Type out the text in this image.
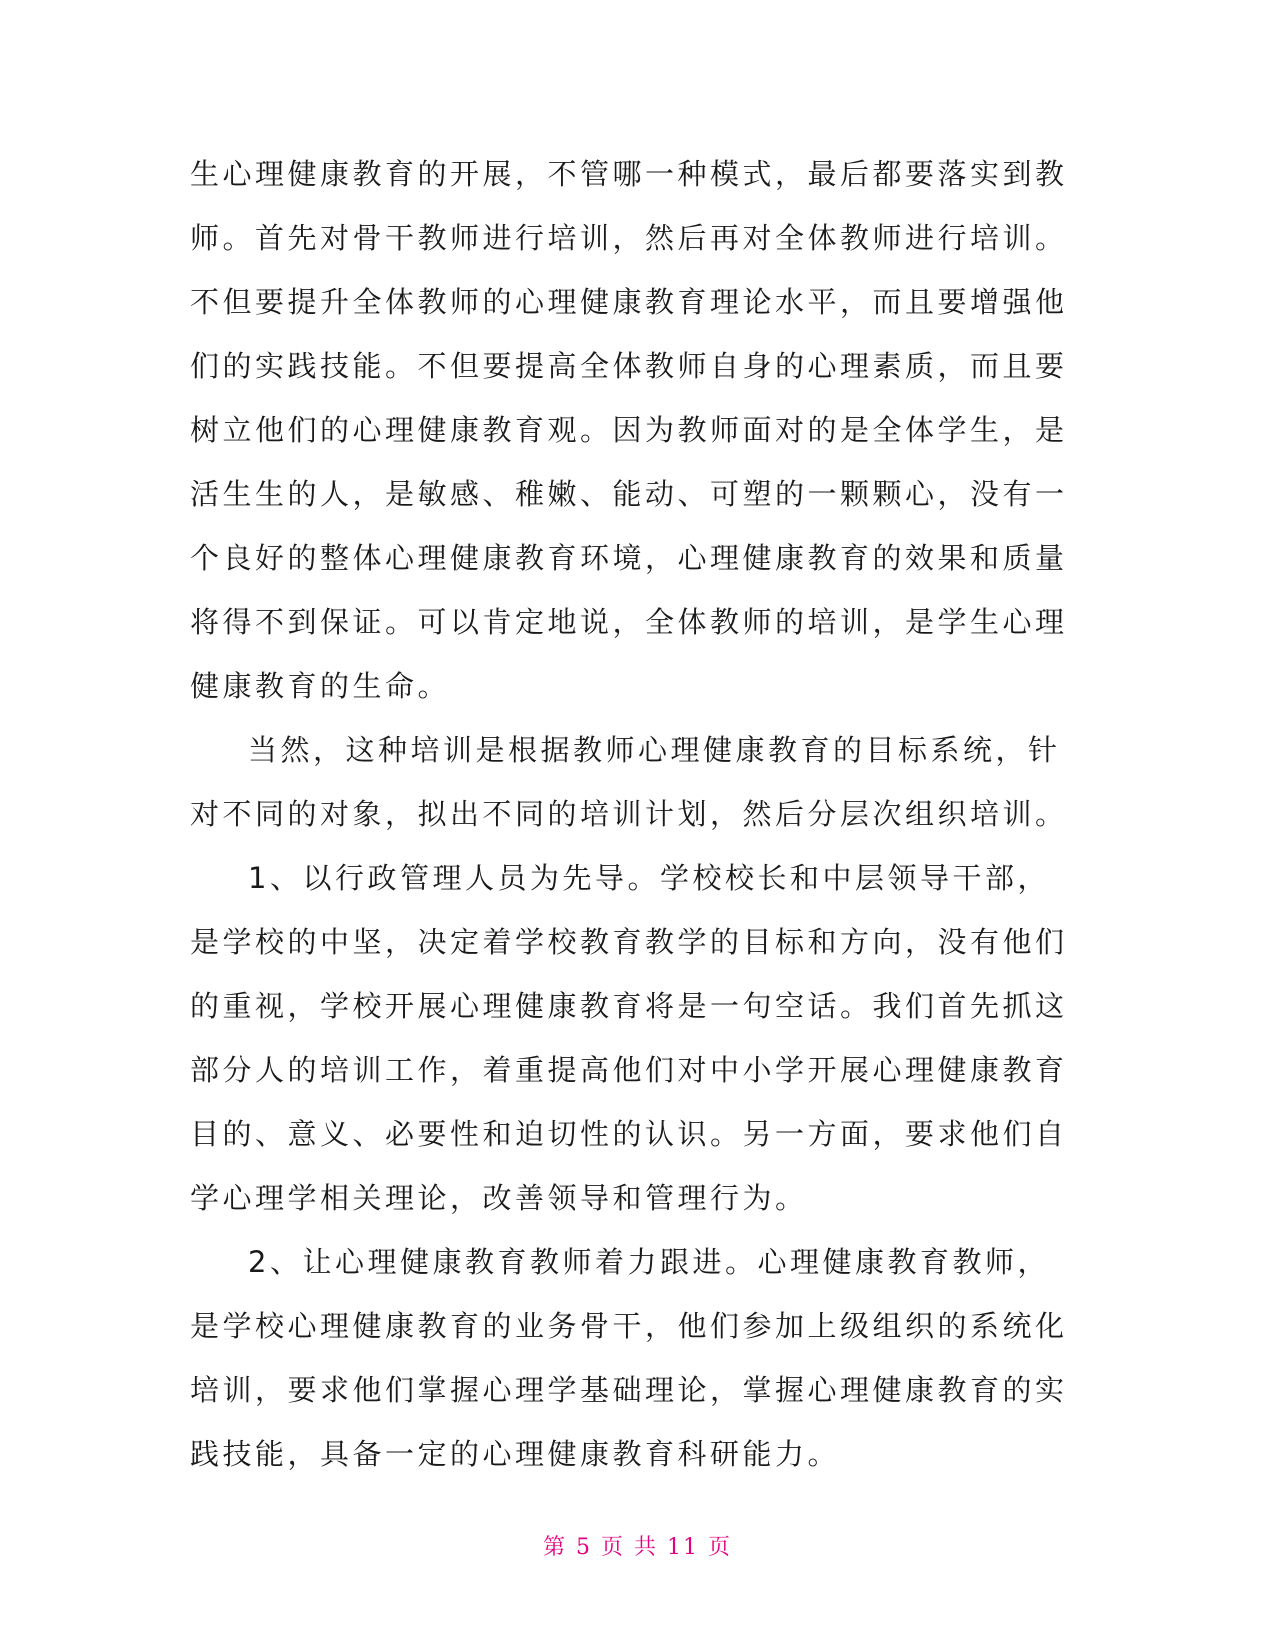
生心理健康教育的开展，不管哪一种模式，最后都要落实到教
师。首先对骨干教师进行培训，然后再对全体教师进行培训。
不但要提升全体教师的心理健康教育理论水平，而且要增强他
们的实践技能。不但要提高全体教师自身的心理素质，而且要
树立他们的心理健康教育观。因为教师面对的是全体学生，是
活生生的人，是敏感、稚嫩、能动、可塑的一颗颗心，没有一
个良好的整体心理健康教育环境，心理健康教育的效果和质量
将得不到保证。可以肯定地说，全体教师的培训，是学生心理
健康教育的生命。
当然，这种培训是根据教师心理健康教育的目标系统，针
对不同的对象，拟出不同的培训计划，然后分层次组织培训。
1、以行政管理人员为先导。学校校长和中层领导干部，
是学校的中坚，决定着学校教育教学的目标和方向，没有他们
的重视，学校开展心理健康教育将是一句空话。我们首先抓这
部分人的培训工作，着重提高他们对中小学开展心理健康教育
目的、意义、必要性和迫切性的认识。另一方面，要求他们自
学心理学相关理论，改善领导和管理行为。
2、让心理健康教育教师着力跟进。心理健康教育教师，
是学校心理健康教育的业务骨干，他们参加上级组织的系统化
培训，要求他们掌握心理学基础理论，掌握心理健康教育的实
践技能，具备一定的心理健康教育科研能力。
第 5 页 共 11 页
